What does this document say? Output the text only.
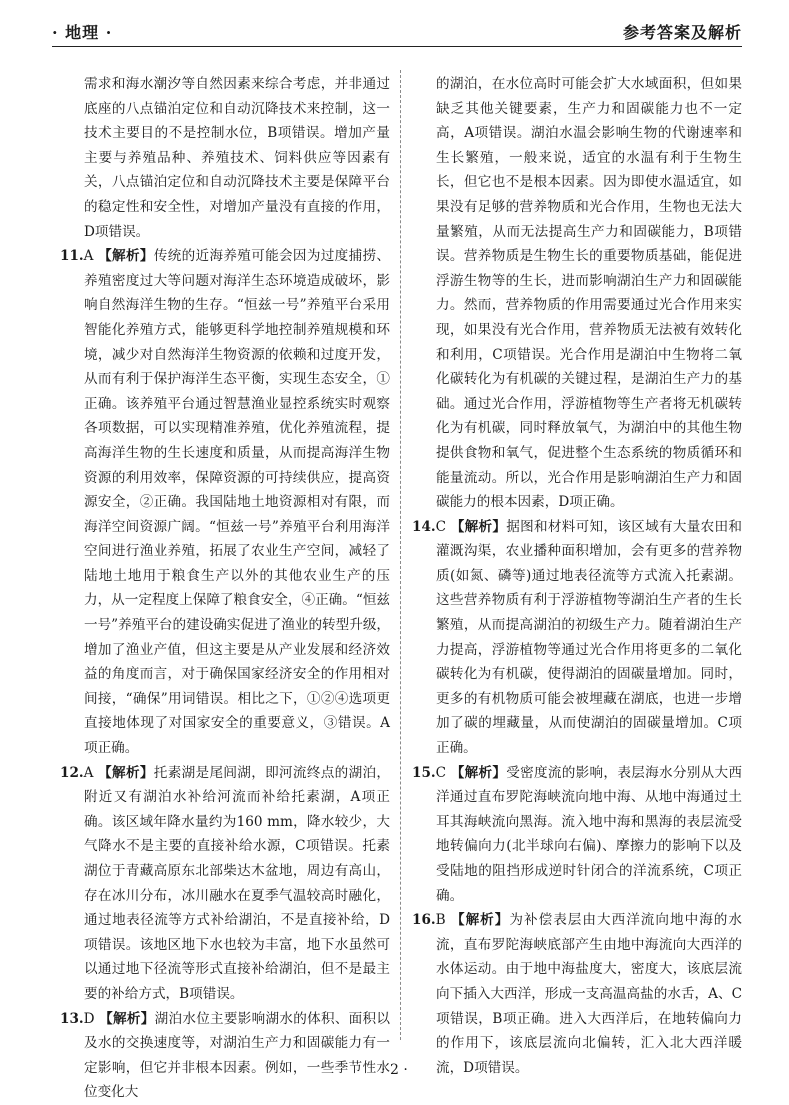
· 地理 ·	参考答案及解析

需求和海水潮汐等自然因素来综合考虑，并非通过底座的八点锚泊定位和自动沉降技术来控制，这一技术主要目的不是控制水位，B项错误。增加产量主要与养殖品种、养殖技术、饲料供应等因素有关，八点锚泊定位和自动沉降技术主要是保障平台的稳定性和安全性，对增加产量没有直接的作用，D项错误。

11.A 【解析】传统的近海养殖可能会因为过度捕捞、养殖密度过大等问题对海洋生态环境造成破坏，影响自然海洋生物的生存。“恒兹一号”养殖平台采用智能化养殖方式，能够更科学地控制养殖规模和环境，减少对自然海洋生物资源的依赖和过度开发，从而有利于保护海洋生态平衡，实现生态安全，①正确。该养殖平台通过智慧渔业显控系统实时观察各项数据，可以实现精准养殖，优化养殖流程，提高海洋生物的生长速度和质量，从而提高海洋生物资源的利用效率，保障资源的可持续供应，提高资源安全，②正确。我国陆地土地资源相对有限，而海洋空间资源广阔。“恒兹一号”养殖平台利用海洋空间进行渔业养殖，拓展了农业生产空间，减轻了陆地土地用于粮食生产以外的其他农业生产的压力，从一定程度上保障了粮食安全，④正确。“恒兹一号”养殖平台的建设确实促进了渔业的转型升级，增加了渔业产值，但这主要是从产业发展和经济效益的角度而言，对于确保国家经济安全的作用相对间接，“确保”用词错误。相比之下，①②④选项更直接地体现了对国家安全的重要意义，③错误。A项正确。

12.A 【解析】托素湖是尾闾湖，即河流终点的湖泊，附近又有湖泊水补给河流而补给托素湖，A项正确。该区域年降水量约为160 mm，降水较少，大气降水不是主要的直接补给水源，C项错误。托素湖位于青藏高原东北部柴达木盆地，周边有高山，存在冰川分布，冰川融水在夏季气温较高时融化，通过地表径流等方式补给湖泊，不是直接补给，D项错误。该地区地下水也较为丰富，地下水虽然可以通过地下径流等形式直接补给湖泊，但不是最主要的补给方式，B项错误。

13.D 【解析】湖泊水位主要影响湖水的体积、面积以及水的交换速度等，对湖泊生产力和固碳能力有一定影响，但它并非根本因素。例如，一些季节性水位变化大

的湖泊，在水位高时可能会扩大水域面积，但如果缺乏其他关键要素，生产力和固碳能力也不一定高，A项错误。湖泊水温会影响生物的代谢速率和生长繁殖，一般来说，适宜的水温有利于生物生长，但它也不是根本因素。因为即使水温适宜，如果没有足够的营养物质和光合作用，生物也无法大量繁殖，从而无法提高生产力和固碳能力，B项错误。营养物质是生物生长的重要物质基础，能促进浮游生物等的生长，进而影响湖泊生产力和固碳能力。然而，营养物质的作用需要通过光合作用来实现，如果没有光合作用，营养物质无法被有效转化和利用，C项错误。光合作用是湖泊中生物将二氧化碳转化为有机碳的关键过程，是湖泊生产力的基础。通过光合作用，浮游植物等生产者将无机碳转化为有机碳，同时释放氧气，为湖泊中的其他生物提供食物和氧气，促进整个生态系统的物质循环和能量流动。所以，光合作用是影响湖泊生产力和固碳能力的根本因素，D项正确。

14.C 【解析】据图和材料可知，该区域有大量农田和灌溉沟渠，农业播种面积增加，会有更多的营养物质(如氮、磷等)通过地表径流等方式流入托素湖。这些营养物质有利于浮游植物等湖泊生产者的生长繁殖，从而提高湖泊的初级生产力。随着湖泊生产力提高，浮游植物等通过光合作用将更多的二氧化碳转化为有机碳，使得湖泊的固碳量增加。同时，更多的有机物质可能会被埋藏在湖底，也进一步增加了碳的埋藏量，从而使湖泊的固碳量增加。C项正确。

15.C 【解析】受密度流的影响，表层海水分别从大西洋通过直布罗陀海峡流向地中海、从地中海通过土耳其海峡流向黑海。流入地中海和黑海的表层流受地转偏向力(北半球向右偏)、摩擦力的影响下以及受陆地的阻挡形成逆时针闭合的洋流系统，C项正确。

16.B 【解析】为补偿表层由大西洋流向地中海的水流，直布罗陀海峡底部产生由地中海流向大西洋的水体运动。由于地中海盐度大，密度大，该底层流向下插入大西洋，形成一支高温高盐的水舌，A、C项错误，B项正确。进入大西洋后，在地转偏向力的作用下，该底层流向北偏转，汇入北大西洋暖流，D项错误。

· 2 ·
